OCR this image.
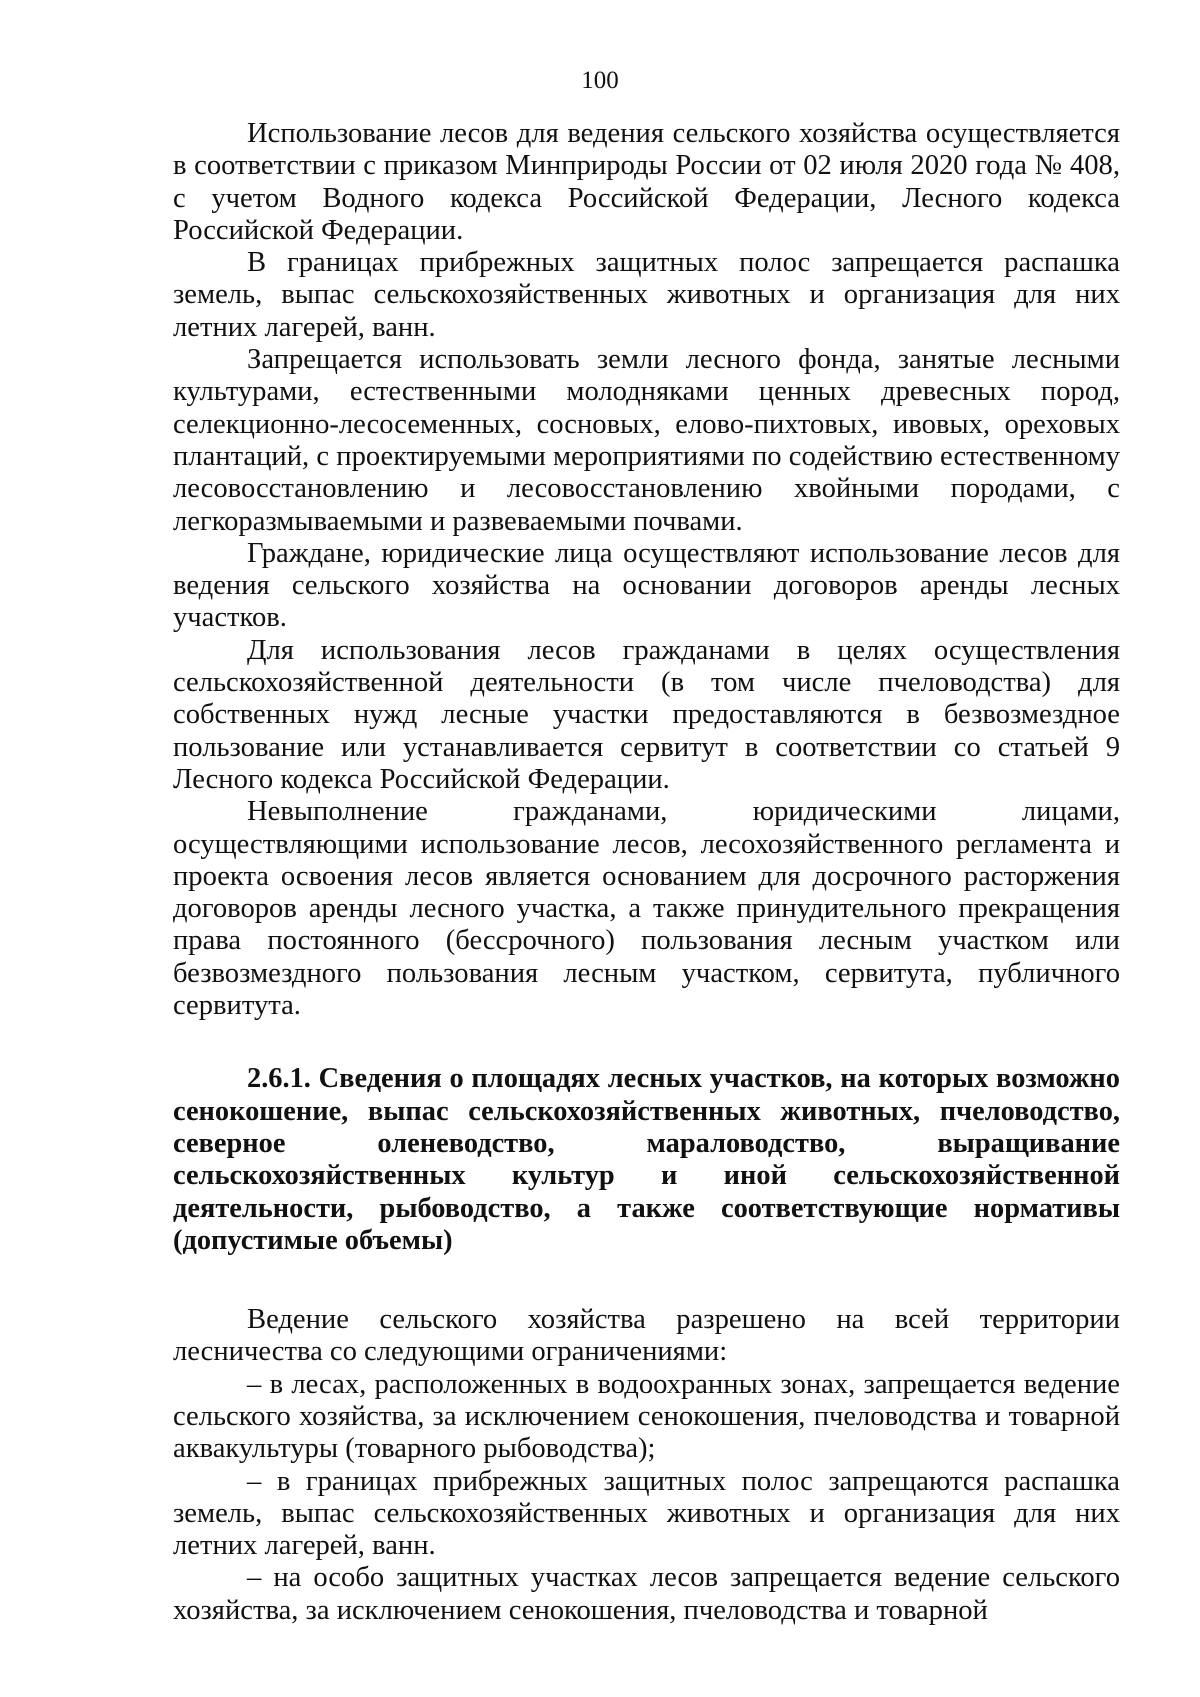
100

Использование лесов для ведения сельского хозяйства осуществляется в соответствии с приказом Минприроды России от 02 июля 2020 года № 408, с учетом Водного кодекса Российской Федерации, Лесного кодекса Российской Федерации.

В границах прибрежных защитных полос запрещается распашка земель, выпас сельскохозяйственных животных и организация для них летних лагерей, ванн.

Запрещается использовать земли лесного фонда, занятые лесными культурами, естественными молодняками ценных древесных пород, селекционно-лесосеменных, сосновых, елово-пихтовых, ивовых, ореховых плантаций, с проектируемыми мероприятиями по содействию естественному лесовосстановлению и лесовосстановлению хвойными породами, с легкоразмываемыми и развеваемыми почвами.

Граждане, юридические лица осуществляют использование лесов для ведения сельского хозяйства на основании договоров аренды лесных участков.

Для использования лесов гражданами в целях осуществления сельскохозяйственной деятельности (в том числе пчеловодства) для собственных нужд лесные участки предоставляются в безвозмездное пользование или устанавливается сервитут в соответствии со статьей 9 Лесного кодекса Российской Федерации.

Невыполнение гражданами, юридическими лицами, осуществляющими использование лесов, лесохозяйственного регламента и проекта освоения лесов является основанием для досрочного расторжения договоров аренды лесного участка, а также принудительного прекращения права постоянного (бессрочного) пользования лесным участком или безвозмездного пользования лесным участком, сервитута, публичного сервитута.

2.6.1. Сведения о площадях лесных участков, на которых возможно сенокошение, выпас сельскохозяйственных животных, пчеловодство, северное оленеводство, мараловодство, выращивание сельскохозяйственных культур и иной сельскохозяйственной деятельности, рыбоводство, а также соответствующие нормативы (допустимые объемы)

Ведение сельского хозяйства разрешено на всей территории лесничества со следующими ограничениями:

– в лесах, расположенных в водоохранных зонах, запрещается ведение сельского хозяйства, за исключением сенокошения, пчеловодства и товарной аквакультуры (товарного рыбоводства);

– в границах прибрежных защитных полос запрещаются распашка земель, выпас сельскохозяйственных животных и организация для них летних лагерей, ванн.

– на особо защитных участках лесов запрещается ведение сельского хозяйства, за исключением сенокошения, пчеловодства и товарной
